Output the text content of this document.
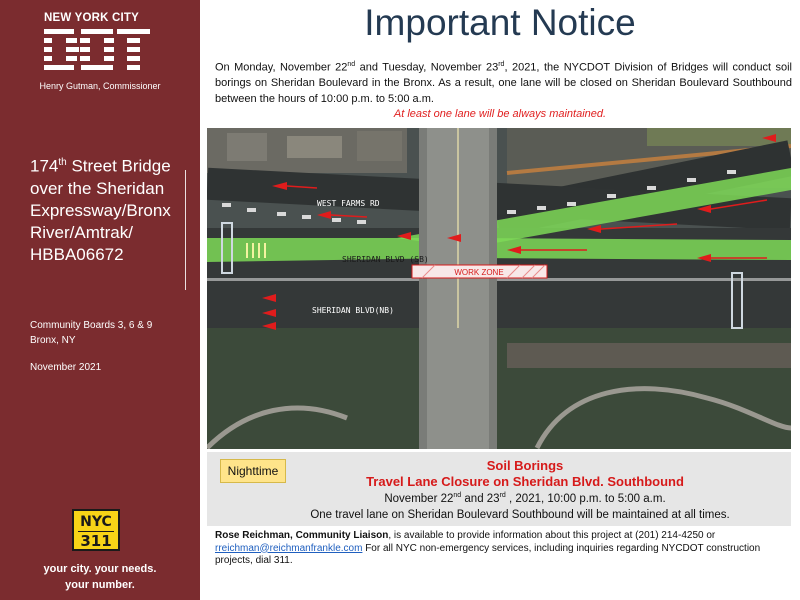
NEW YORK CITY
Henry Gutman, Commissioner
174th Street Bridge over the Sheridan Expressway/Bronx River/Amtrak/ HBBA06672
Community Boards 3, 6 & 9
Bronx, NY
November 2021
NYC
311
your city. your needs.
your number.
Important Notice
On Monday, November 22nd and Tuesday, November 23rd, 2021, the NYCDOT Division of Bridges will conduct soil borings on Sheridan Boulevard in the Bronx. As a result, one lane will be closed on Sheridan Boulevard Southbound between the hours of 10:00 p.m. to 5:00 a.m.
At least one lane will be always maintained.
WORK ZONE
WEST FARMS RD
SHERIDAN BLVD (SB)
SHERIDAN BLVD(NB)
Nighttime	Soil Borings
Travel Lane Closure on Sheridan Blvd. Southbound
November 22nd and 23rd , 2021, 10:00 p.m. to 5:00 a.m.
One travel lane on Sheridan Boulevard Southbound will be maintained at all times.
Rose Reichman, Community Liaison, is available to provide information about this project at (201) 214-4250 or
rreichman@reichmanfrankle.com For all NYC non-emergency services, including inquiries regarding NYCDOT construction projects, dial 311.
